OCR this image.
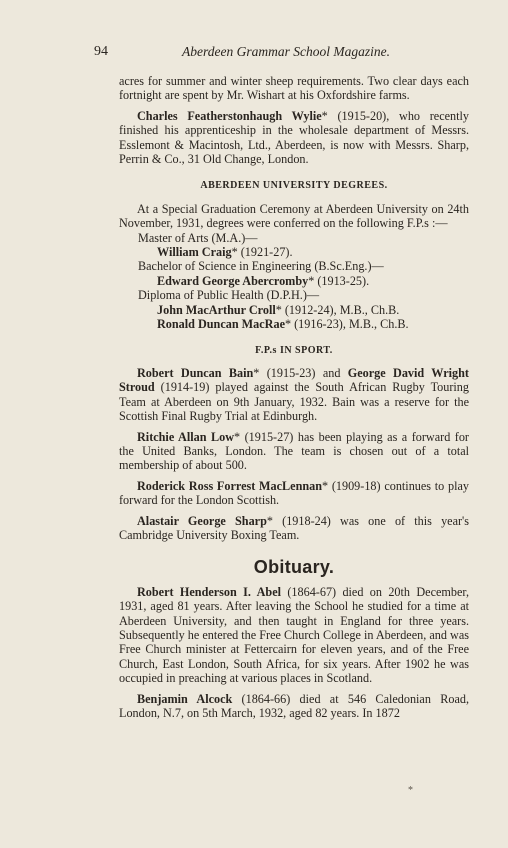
94	Aberdeen Grammar School Magazine.

acres for summer and winter sheep requirements. Two clear days each fortnight are spent by Mr. Wishart at his Oxfordshire farms.

Charles Featherstonhaugh Wylie* (1915-20), who recently finished his apprenticeship in the wholesale department of Messrs. Esslemont & Macintosh, Ltd., Aberdeen, is now with Messrs. Sharp, Perrin & Co., 31 Old Change, London.

ABERDEEN UNIVERSITY DEGREES.

At a Special Graduation Ceremony at Aberdeen University on 24th November, 1931, degrees were conferred on the following F.P.s :—

Master of Arts (M.A.)—

William Craig* (1921-27).

Bachelor of Science in Engineering (B.Sc.Eng.)—

Edward George Abercromby* (1913-25).

Diploma of Public Health (D.P.H.)—

John MacArthur Croll* (1912-24), M.B., Ch.B.

Ronald Duncan MacRae* (1916-23), M.B., Ch.B.

F.P.s IN SPORT.

Robert Duncan Bain* (1915-23) and George David Wright Stroud (1914-19) played against the South African Rugby Touring Team at Aberdeen on 9th January, 1932. Bain was a reserve for the Scottish Final Rugby Trial at Edinburgh.

Ritchie Allan Low* (1915-27) has been playing as a forward for the United Banks, London. The team is chosen out of a total membership of about 500.

Roderick Ross Forrest MacLennan* (1909-18) continues to play forward for the London Scottish.

Alastair George Sharp* (1918-24) was one of this year's Cambridge University Boxing Team.

Obituary.

Robert Henderson I. Abel (1864-67) died on 20th December, 1931, aged 81 years. After leaving the School he studied for a time at Aberdeen University, and then taught in England for three years. Subsequently he entered the Free Church College in Aberdeen, and was Free Church minister at Fettercairn for eleven years, and of the Free Church, East London, South Africa, for six years. After 1902 he was occupied in preaching at various places in Scotland.

Benjamin Alcock (1864-66) died at 546 Caledonian Road, London, N.7, on 5th March, 1932, aged 82 years. In 1872

*
